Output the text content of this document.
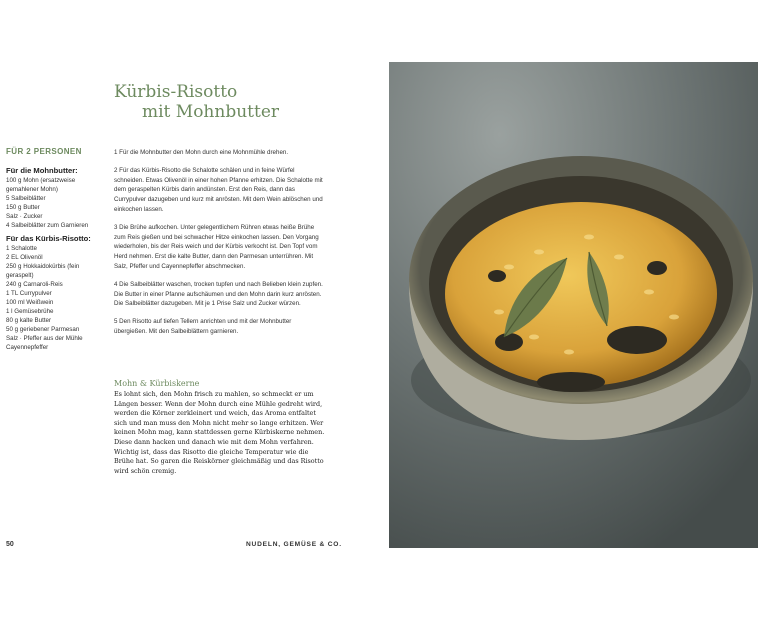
Kürbis-Risotto
mit Mohnbutter
FÜR 2 PERSONEN
Für die Mohnbutter:
100 g Mohn (ersatzweise
gemahlener Mohn)
5 Salbeiblätter
150 g Butter
Salz · Zucker
4 Salbeiblätter zum Garnieren
Für das Kürbis-Risotto:
1 Schalotte
2 EL Olivenöl
250 g Hokkaidokürbis (fein
geraspelt)
240 g Carnaroli-Reis
1 TL Currypulver
100 ml Weißwein
1 l Gemüsebrühe
80 g kalte Butter
50 g geriebener Parmesan
Salz · Pfeffer aus der Mühle
Cayennepfeffer
1 Für die Mohnbutter den Mohn durch eine Mohnmühle drehen.
2 Für das Kürbis-Risotto die Schalotte schälen und in feine Würfel schneiden. Etwas Olivenöl in einer hohen Pfanne erhitzen. Die Schalotte mit dem geraspelten Kürbis darin andünsten. Erst den Reis, dann das Currypulver dazugeben und kurz mit anrösten. Mit dem Wein ablöschen und einkochen lassen.
3 Die Brühe aufkochen. Unter gelegentlichem Rühren etwas heiße Brühe zum Reis gießen und bei schwacher Hitze einkochen lassen. Den Vorgang wiederholen, bis der Reis weich und der Kürbis verkocht ist. Den Topf vom Herd nehmen. Erst die kalte Butter, dann den Parmesan unterrühren. Mit Salz, Pfeffer und Cayennepfeffer abschmecken.
4 Die Salbeiblätter waschen, trocken tupfen und nach Belieben klein zupfen. Die Butter in einer Pfanne aufschäumen und den Mohn darin kurz anrösten. Die Salbeiblätter dazugeben. Mit je 1 Prise Salz und Zucker würzen.
5 Den Risotto auf tiefen Tellern anrichten und mit der Mohnbutter übergießen. Mit den Salbeiblättern garnieren.
Mohn & Kürbiskerne
Es lohnt sich, den Mohn frisch zu mahlen, so schmeckt er um Längen besser. Wenn der Mohn durch eine Mühle gedreht wird, werden die Körner zerkleinert und weich, das Aroma entfaltet sich und man muss den Mohn nicht mehr so lange erhitzen. Wer keinen Mohn mag, kann stattdessen gerne Kürbiskerne nehmen. Diese dann hacken und danach wie mit dem Mohn verfahren. Wichtig ist, dass das Risotto die gleiche Temperatur wie die Brühe hat. So garen die Reiskörner gleichmäßig und das Risotto wird schön cremig.
50	NUDELN, GEMÜSE & CO.
